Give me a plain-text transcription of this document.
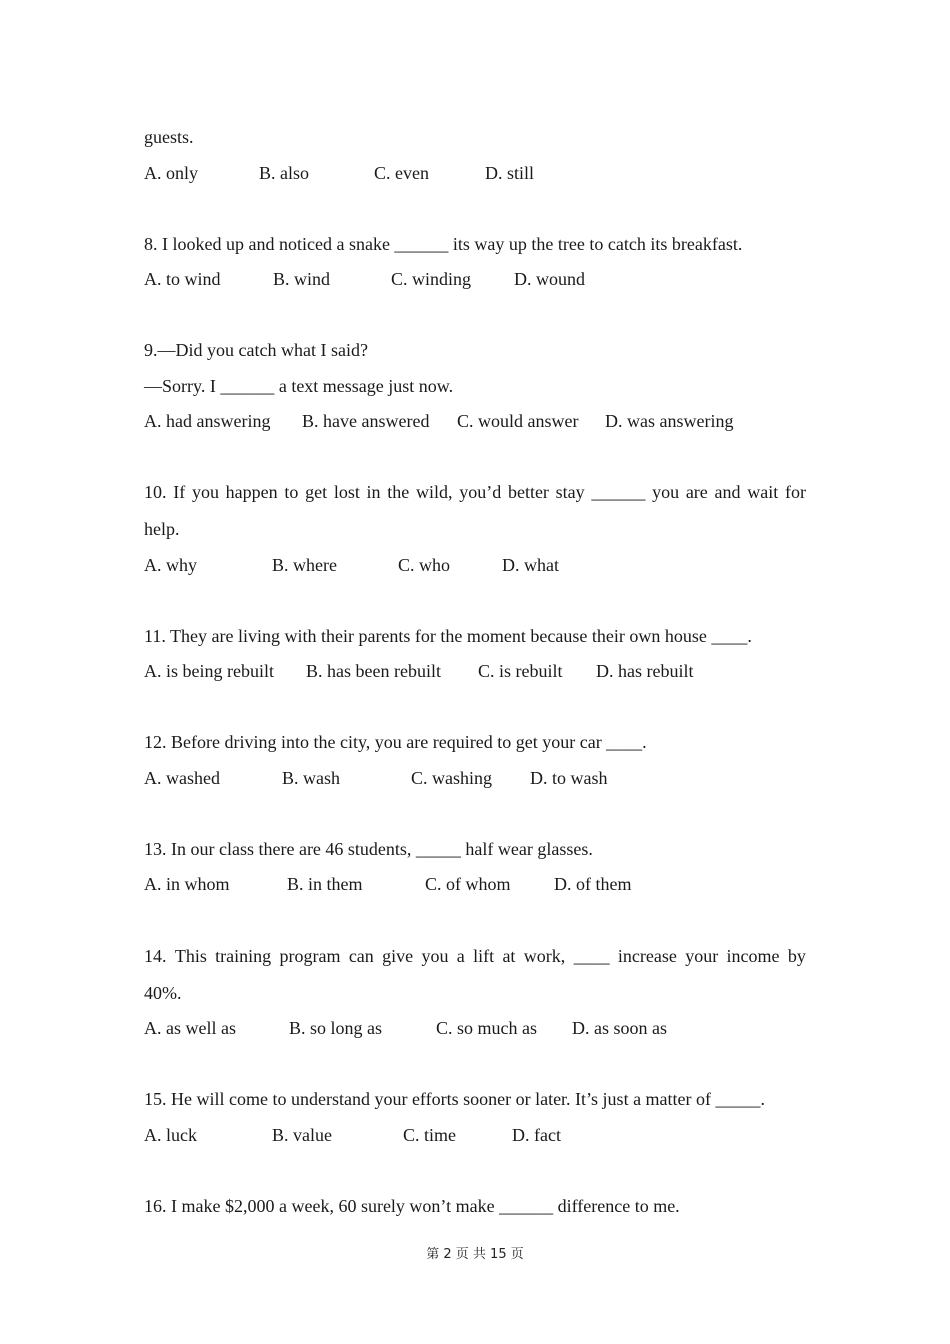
guests.
A. only	B. also	C. even	D. still
8. I looked up and noticed a snake ______ its way up the tree to catch its breakfast.
A. to wind	B. wind	C. winding D. wound
9.—Did you catch what I said?
—Sorry. I ______ a text message just now.
A. had answering B. have answered C. would answer D. was answering
10. If you happen to get lost in the wild, you’d better stay ______ you are and wait for
help.
A. why	B. where	C. who	D. what
11. They are living with their parents for the moment because their own house ____.
A. is being rebuilt B. has been rebuilt C. is rebuilt D. has rebuilt
12. Before driving into the city, you are required to get your car ____.
A. washed	B. wash	C. washing D. to wash
13. In our class there are 46 students, _____ half wear glasses.
A. in whom	B. in them	C. of whom D. of them
14. This training program can give you a lift at work, ____ increase your income by
40%.
A. as well as	B. so long as	C. so much as D. as soon as
15. He will come to understand your efforts sooner or later. It’s just a matter of _____.
A. luck	B. value	C. time	D. fact
16. I make $2,000 a week, 60 surely won’t make ______ difference to me.
第 2 页 共 15 页
